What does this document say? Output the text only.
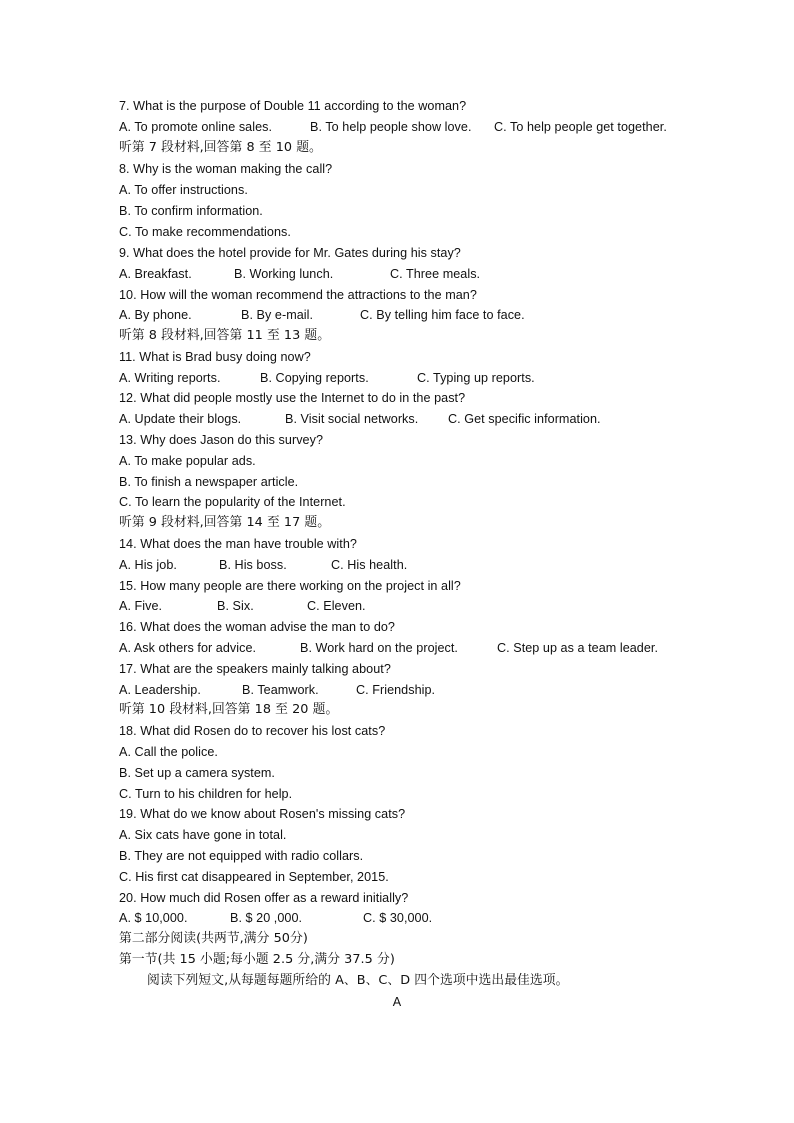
7. What is the purpose of Double 11 according to the woman?
A. To promote online sales.	B. To help people show love. C. To help people get together.
听第 7 段材料,回答第 8 至 10 题。
8. Why is the woman making the call?
A. To offer instructions.
B. To confirm information.
C. To make recommendations.
9. What does the hotel provide for Mr. Gates during his stay?
A. Breakfast.	B. Working lunch.	C. Three meals.
10. How will the woman recommend the attractions to the man?
A. By phone.	B. By e-mail.	C. By telling him face to face.
听第 8 段材料,回答第 11 至 13 题。
11. What is Brad busy doing now?
A. Writing reports.	B. Copying reports.	C. Typing up reports.
12. What did people mostly use the Internet to do in the past?
A. Update their blogs.	B. Visit social networks. C. Get specific information.
13. Why does Jason do this survey?
A. To make popular ads.
B. To finish a newspaper article.
C. To learn the popularity of the Internet.
听第 9 段材料,回答第 14 至 17 题。
14. What does the man have trouble with?
A. His job.	B. His boss.	C. His health.
15. How many people are there working on the project in all?
A. Five.	B. Six.	C. Eleven.
16. What does the woman advise the man to do?
A. Ask others for advice.	B. Work hard on the project.	C. Step up as a team leader.
17. What are the speakers mainly talking about?
A. Leadership.	B. Teamwork.	C. Friendship.
听第 10 段材料,回答第 18 至 20 题。
18. What did Rosen do to recover his lost cats?
A. Call the police.
B. Set up a camera system.
C. Turn to his children for help.
19. What do we know about Rosen's missing cats?
A. Six cats have gone in total.
B. They are not equipped with radio collars.
C. His first cat disappeared in September, 2015.
20. How much did Rosen offer as a reward initially?
A. $ 10,000.	B. $ 20 ,000.	C. $ 30,000.
第二部分阅读(共两节,满分 50分)
第一节(共 15 小题;每小题 2.5 分,满分 37.5 分)
阅读下列短文,从每题每题所给的 A、B、C、D 四个选项中选出最佳选项。
A
